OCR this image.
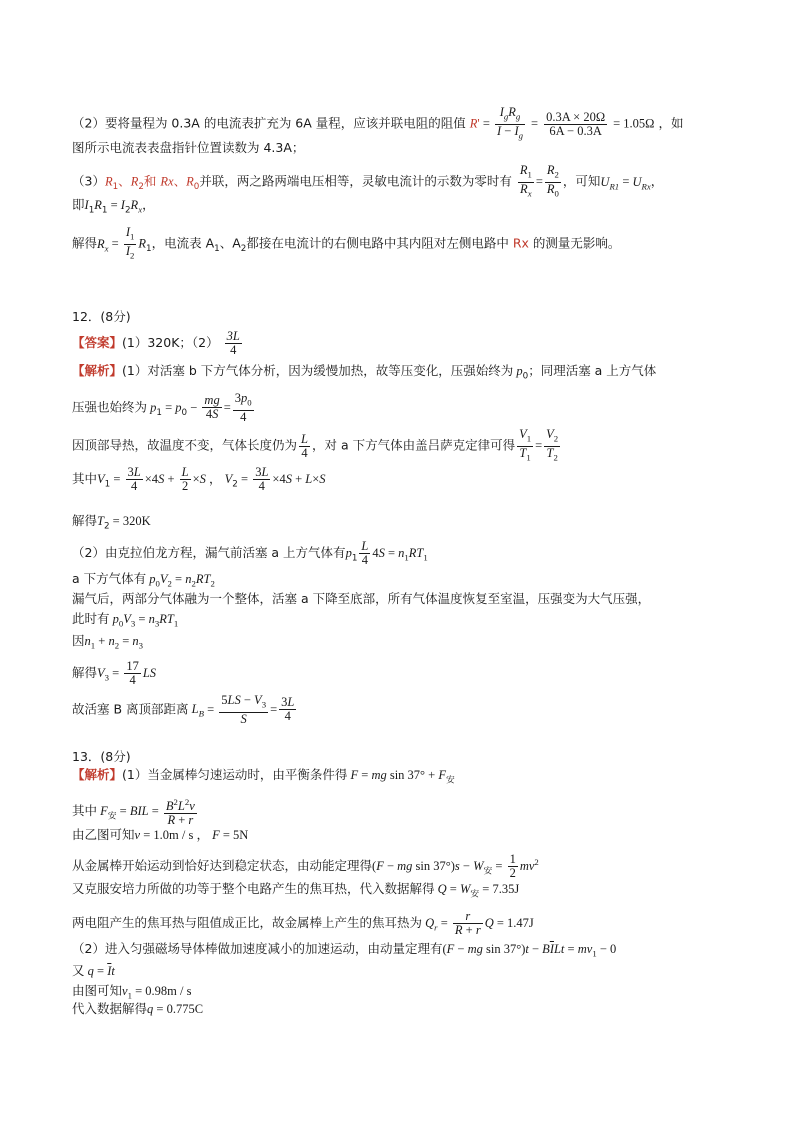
（2）要将量程为 0.3A 的电流表扩充为 6A 量程，应该并联电阻的阻值 $R' = \frac{I_gR_g}{I - I_g} = \frac{0.3A \times 20\Omega}{6A - 0.3A} = 1.05\Omega$ ，如
图所示电流表表盘指针位置读数为 4.3A；
$(3)R_1$、$R_2$和 Rx、$R_0$并联，两之路两端电压相等，灵敏电流计的示数为零时有 $\frac{R_1}{R_x} = \frac{R_2}{R_0}$ ，可知$U_{R1} = U_{Rx}$，
即$I_1R_1 = I_2R_x$，
解得$R_x = \frac{I_1}{I_2} R_1$，电流表 $A_1$、$A_2$都接在电流计的右侧电路中其内阻对左侧电路中 Rx 的测量无影响。
12．(8分)
【答案】(1）320K；$(2) \frac{3L}{4}$
【解析】(1）对活塞 b 下方气体分析，因为缓慢加热，故等压变化，压强始终为 $p_0$；同理活塞 a 上方气体
压强也始终为 $p_1 = p_0 - \frac{mg}{4S} = \frac{3p_0}{4}$
因顶部导热，故温度不变，气体长度仍为 $\frac{L}{4}$ ，对 a 下方气体由盖吕萨克定律可得 $\frac{V_1}{T_1} = \frac{V_2}{T_2}$
其中$V_1 = \frac{3L}{4} \times 4S + \frac{L}{2} \times S$ ， $V_2 = \frac{3L}{4} \times 4S + L\times S$
解得$T_2 = 320K$
（2）由克拉伯龙方程，漏气前活塞 a 上方气体有$p_1 \frac{L}{4} 4S = n_1RT_1$
a 下方气体有 $p_0V_2 = n_2RT_2$
漏气后，两部分气体融为一个整体，活塞 a 下降至底部，所有气体温度恢复至室温，压强变为大气压强，
此时有 $p_0V_3 = n_3RT_1$
因$n_1 + n_2 = n_3$
解得$V_3 = \frac{17}{4}$ LS
故活塞 B 离顶部距离 $L_B = \frac{5LS - V_3}{S} = \frac{3L}{4}$
13．(8分)
【解析】(1）当金属棒匀速运动时，由平衡条件得 F = mg $\sin 37^\circ + F_安$
其中 $F_安$ = BIL = $\frac{B^2L^2v}{R + r}$
由乙图可知v = 1.0m / s ， F = 5N
从金属棒开始运动到恰好达到稳定状态，由动能定理得(F − mg $\sin 37^\circ)s - W_安 = \frac{1}{2} mv^2$
又克服安培力所做的功等于整个电路产生的焦耳热，代入数据解得 $Q = W_安 = 7.35J$
两电阻产生的焦耳热与阻值成正比，故金属棒上产生的焦耳热为 $Q_r = \frac{r}{R + r}$ Q = 1.47J
（2）进入匀强磁场导体棒做加速度减小的加速运动，由动量定理有(F − mg $\sin 37^\circ)t - B\overline{I}Lt = mv_1 - 0$
又 $q = \overline{I}t$
由图可知$v_1 = 0.98m / s$
代入数据解得q = 0.775C
